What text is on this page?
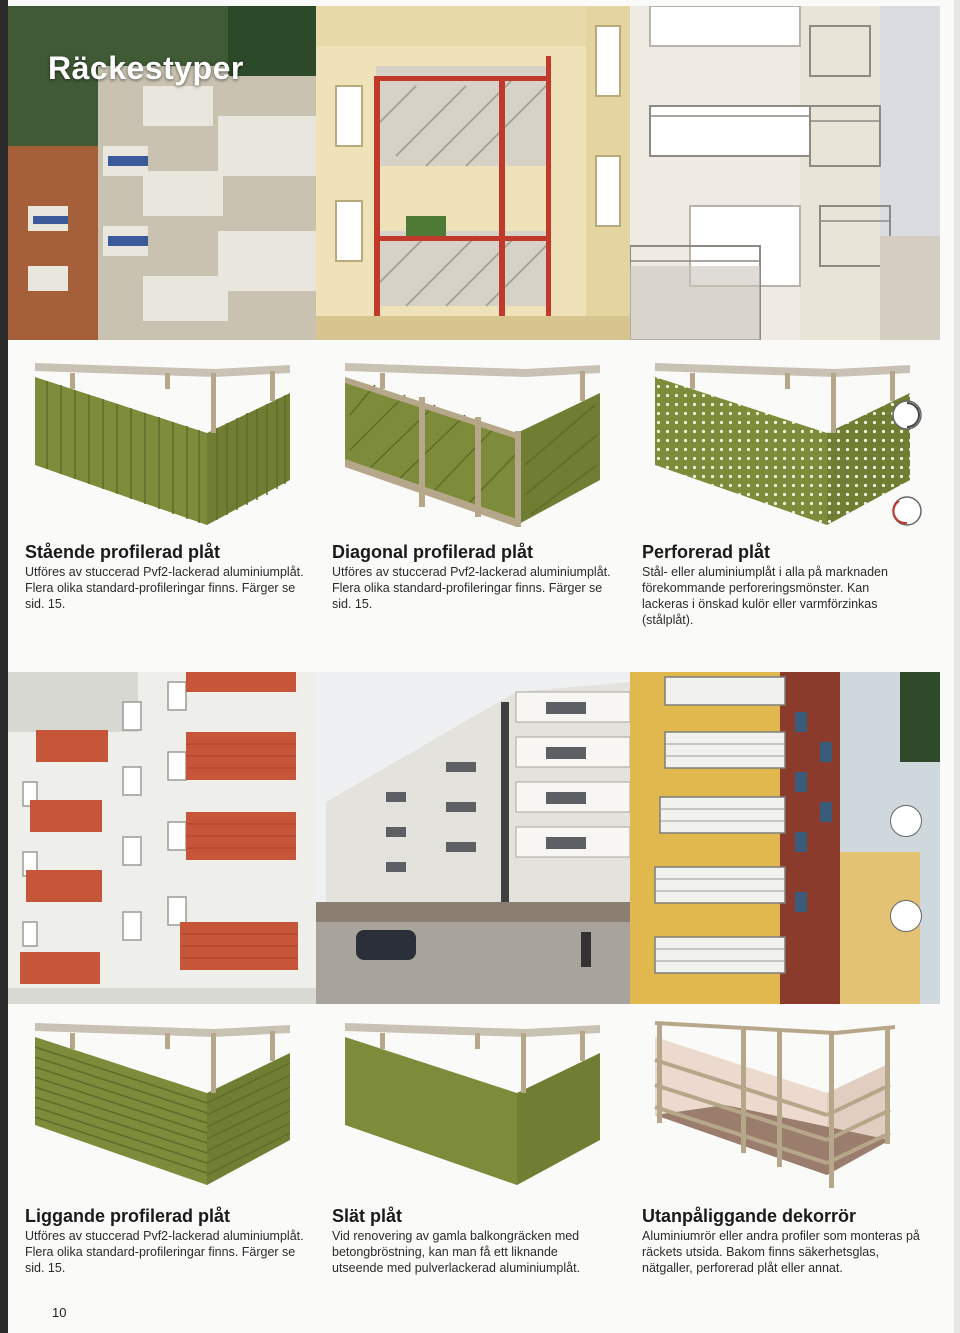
Räckestyper
Stående profilerad plåt

Utföres av stuccerad Pvf2-lackerad aluminiumplåt. Flera olika standard-profileringar finns. Färger se sid. 15.

Diagonal profilerad plåt

Utföres av stuccerad Pvf2-lackerad aluminiumplåt. Flera olika standard-profileringar finns. Färger se sid. 15.

Perforerad plåt

Stål- eller aluminiumplåt i alla på marknaden förekommande perforeringsmönster. Kan lackeras i önskad kulör eller varmförzinkas (stålplåt).

Liggande profilerad plåt

Utföres av stuccerad Pvf2-lackerad aluminiumplåt. Flera olika standard-profileringar finns. Färger se sid. 15.

Slät plåt

Vid renovering av gamla balkongräcken med betongbröstning, kan man få ett liknande utseende med pulverlackerad aluminiumplåt.

Utanpåliggande dekorrör

Aluminiumrör eller andra profiler som monteras på räckets utsida. Bakom finns säkerhetsglas, nätgaller, perforerad plåt eller annat.

10
